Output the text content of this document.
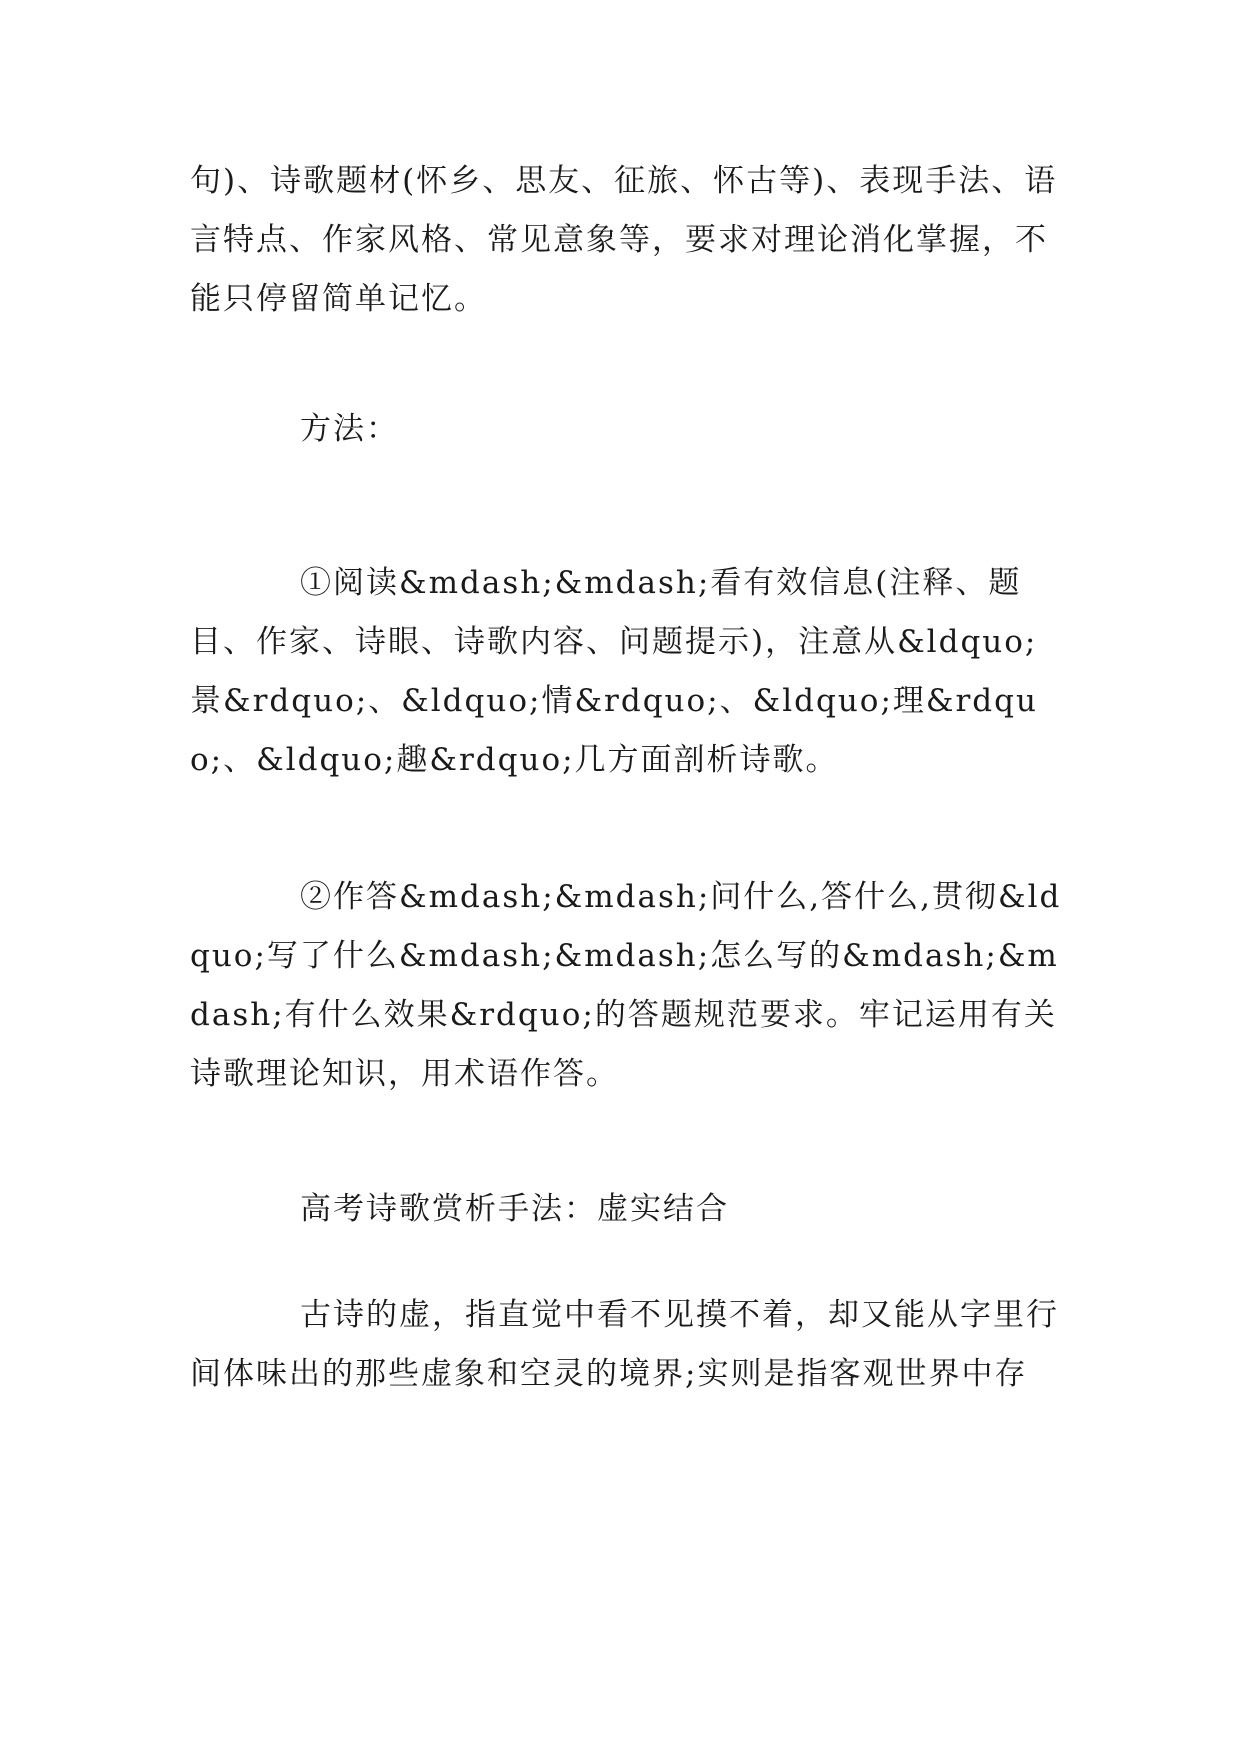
句)、诗歌题材(怀乡、思友、征旅、怀古等)、表现手法、语言特点、作家风格、常见意象等，要求对理论消化掌握，不能只停留简单记忆。

方法：

①阅读&mdash;&mdash;看有效信息(注释、题目、作家、诗眼、诗歌内容、问题提示)，注意从&ldquo;景&rdquo;、&ldquo;情&rdquo;、&ldquo;理&rdquo;、&ldquo;趣&rdquo;几方面剖析诗歌。

②作答&mdash;&mdash;问什么,答什么,贯彻&ldquo;写了什么&mdash;&mdash;怎么写的&mdash;&mdash;有什么效果&rdquo;的答题规范要求。牢记运用有关诗歌理论知识，用术语作答。

高考诗歌赏析手法：虚实结合

古诗的虚，指直觉中看不见摸不着，却又能从字里行间体味出的那些虚象和空灵的境界;实则是指客观世界中存
